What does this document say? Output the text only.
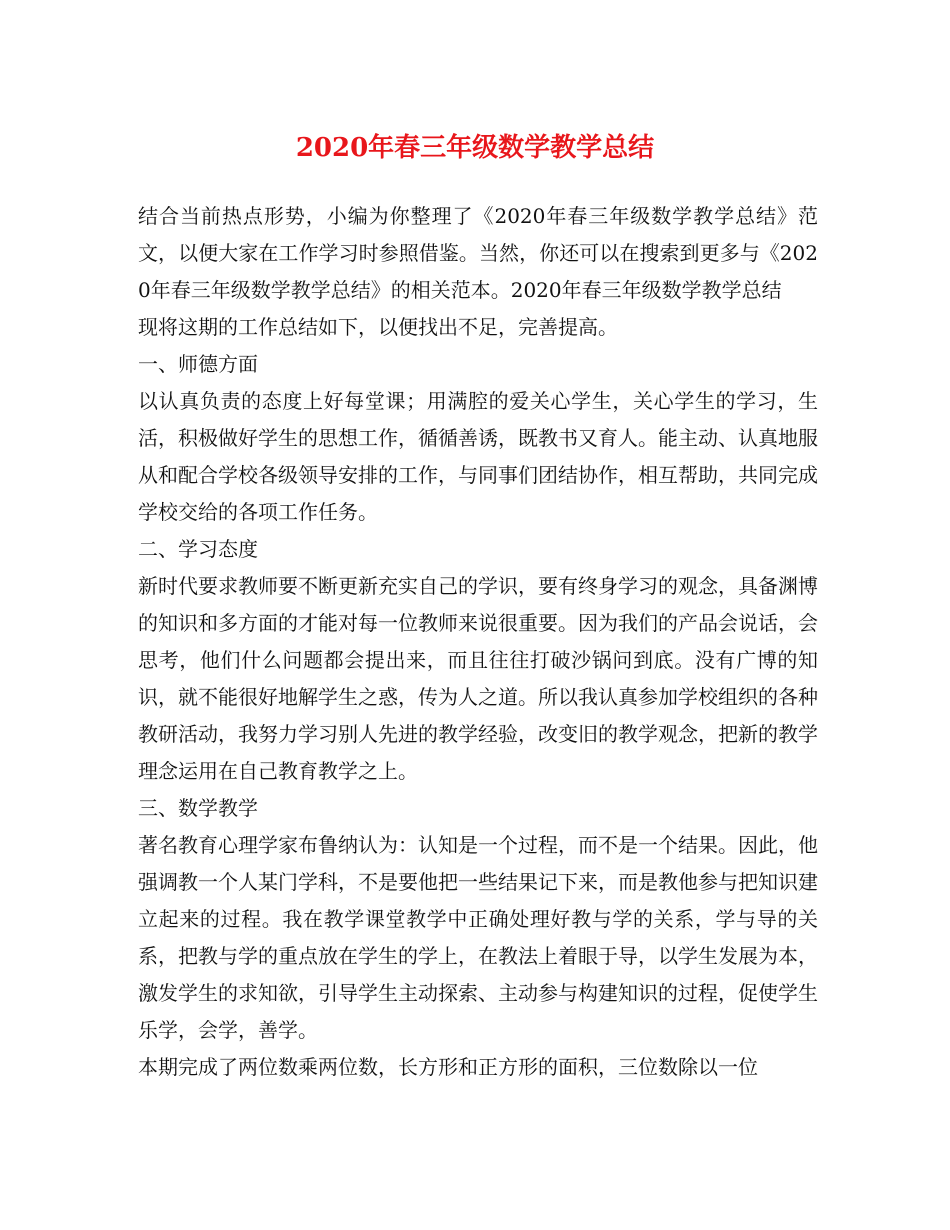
2020年春三年级数学教学总结

结合当前热点形势，小编为你整理了《2020年春三年级数学教学总结》范文，以便大家在工作学习时参照借鉴。当然，你还可以在搜索到更多与《2020年春三年级数学教学总结》的相关范本。2020年春三年级数学教学总结

现将这期的工作总结如下，以便找出不足，完善提高。

一、师德方面

以认真负责的态度上好每堂课；用满腔的爱关心学生，关心学生的学习，生活，积极做好学生的思想工作，循循善诱，既教书又育人。能主动、认真地服从和配合学校各级领导安排的工作，与同事们团结协作，相互帮助，共同完成学校交给的各项工作任务。

二、学习态度

新时代要求教师要不断更新充实自己的学识，要有终身学习的观念，具备渊博的知识和多方面的才能对每一位教师来说很重要。因为我们的产品会说话，会思考，他们什么问题都会提出来，而且往往打破沙锅问到底。没有广博的知识，就不能很好地解学生之惑，传为人之道。所以我认真参加学校组织的各种教研活动，我努力学习别人先进的教学经验，改变旧的教学观念，把新的教学理念运用在自己教育教学之上。

三、数学教学

著名教育心理学家布鲁纳认为：认知是一个过程，而不是一个结果。因此，他强调教一个人某门学科，不是要他把一些结果记下来，而是教他参与把知识建立起来的过程。我在教学课堂教学中正确处理好教与学的关系，学与导的关系，把教与学的重点放在学生的学上，在教法上着眼于导，以学生发展为本，激发学生的求知欲，引导学生主动探索、主动参与构建知识的过程，促使学生乐学，会学，善学。

本期完成了两位数乘两位数，长方形和正方形的面积，三位数除以一位
